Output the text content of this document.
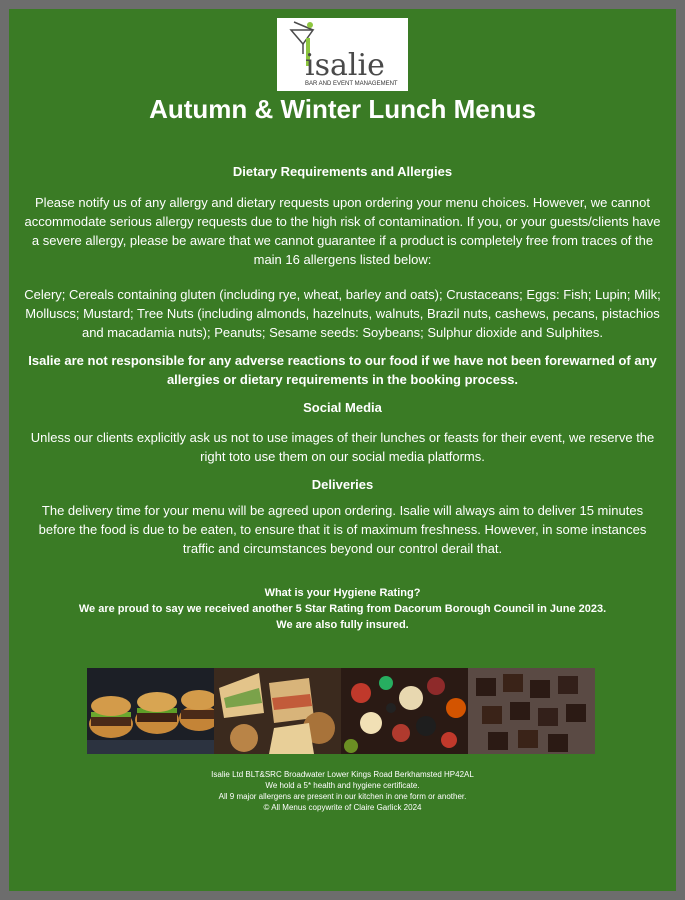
isalie
BAR AND EVENT MANAGEMENT
Autumn & Winter Lunch Menus

Dietary Requirements and Allergies

Please notify us of any allergy and dietary requests upon ordering your menu choices. However, we cannot accommodate serious allergy requests due to the high risk of contamination. If you, or your guests/clients have a severe allergy, please be aware that we cannot guarantee if a product is completely free from traces of the main 16 allergens listed below:

Celery; Cereals containing gluten (including rye, wheat, barley and oats); Crustaceans; Eggs: Fish; Lupin; Milk; Molluscs; Mustard; Tree Nuts (including almonds, hazelnuts, walnuts, Brazil nuts, cashews, pecans, pistachios and macadamia nuts); Peanuts; Sesame seeds: Soybeans; Sulphur dioxide and Sulphites.

Isalie are not responsible for any adverse reactions to our food if we have not been forewarned of any allergies or dietary requirements in the booking process.

Social Media

Unless our clients explicitly ask us not to use images of their lunches or feasts for their event, we reserve the right toto use them on our social media platforms.

Deliveries

The delivery time for your menu will be agreed upon ordering. Isalie will always aim to deliver 15 minutes before the food is due to be eaten, to ensure that it is of maximum freshness. However, in some instances traffic and circumstances beyond our control derail that.

What is your Hygiene Rating?

We are proud to say we received another 5 Star Rating from Dacorum Borough Council in June 2023.

We are also fully insured.

Isalie Ltd BLT&SRC Broadwater Lower Kings Road Berkhamsted HP42AL

We hold a 5* health and hygiene certificate.

All 9 major allergens are present in our kitchen in one form or another.

© All Menus copywrite of Claire Garlick 2024
